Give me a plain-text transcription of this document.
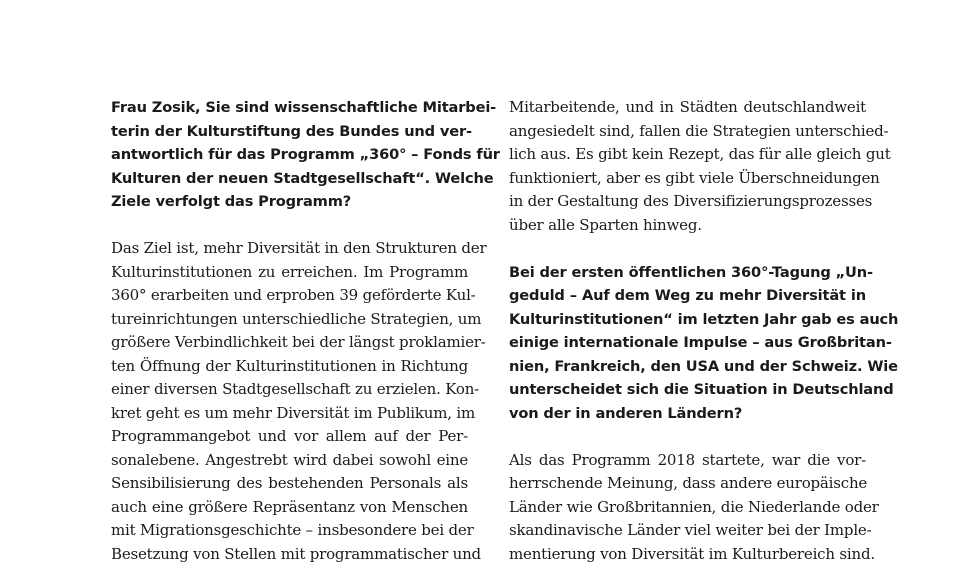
Frau Zosik, Sie sind wissenschaftliche Mitarbei-
terin der Kulturstiftung des Bundes und ver-
antwortlich für das Programm „360° – Fonds für
Kulturen der neuen Stadtgesellschaft“. Welche
Ziele verfolgt das Programm?
Das Ziel ist, mehr Diversität in den Strukturen der
Kulturinstitutionen zu erreichen. Im Programm
360° erarbeiten und erproben 39 geförderte Kul-
tureinrichtungen unterschiedliche Strategien, um
größere Verbindlichkeit bei der längst proklamier-
ten Öffnung der Kulturinstitutionen in Richtung
einer diversen Stadtgesellschaft zu erzielen. Kon-
kret geht es um mehr Diversität im Publikum, im
Programmangebot und vor allem auf der Per-
sonalebene. Angestrebt wird dabei sowohl eine
Sensibilisierung des bestehenden Personals als
auch eine größere Repräsentanz von Menschen
mit Migrationsgeschichte – insbesondere bei der
Besetzung von Stellen mit programmatischer und
Mitarbeitende, und in Städten deutschlandweit
angesiedelt sind, fallen die Strategien unterschied-
lich aus. Es gibt kein Rezept, das für alle gleich gut
funktioniert, aber es gibt viele Überschneidungen
in der Gestaltung des Diversifizierungsprozesses
über alle Sparten hinweg.
Bei der ersten öffentlichen 360°-Tagung „Un-
geduld – Auf dem Weg zu mehr Diversität in
Kulturinstitutionen“ im letzten Jahr gab es auch
einige internationale Impulse – aus Großbritan-
nien, Frankreich, den USA und der Schweiz. Wie
unterscheidet sich die Situation in Deutschland
von der in anderen Ländern?
Als das Programm 2018 startete, war die vor-
herrschende Meinung, dass andere europäische
Länder wie Großbritannien, die Niederlande oder
skandinavische Länder viel weiter bei der Imple-
mentierung von Diversität im Kulturbereich sind.
